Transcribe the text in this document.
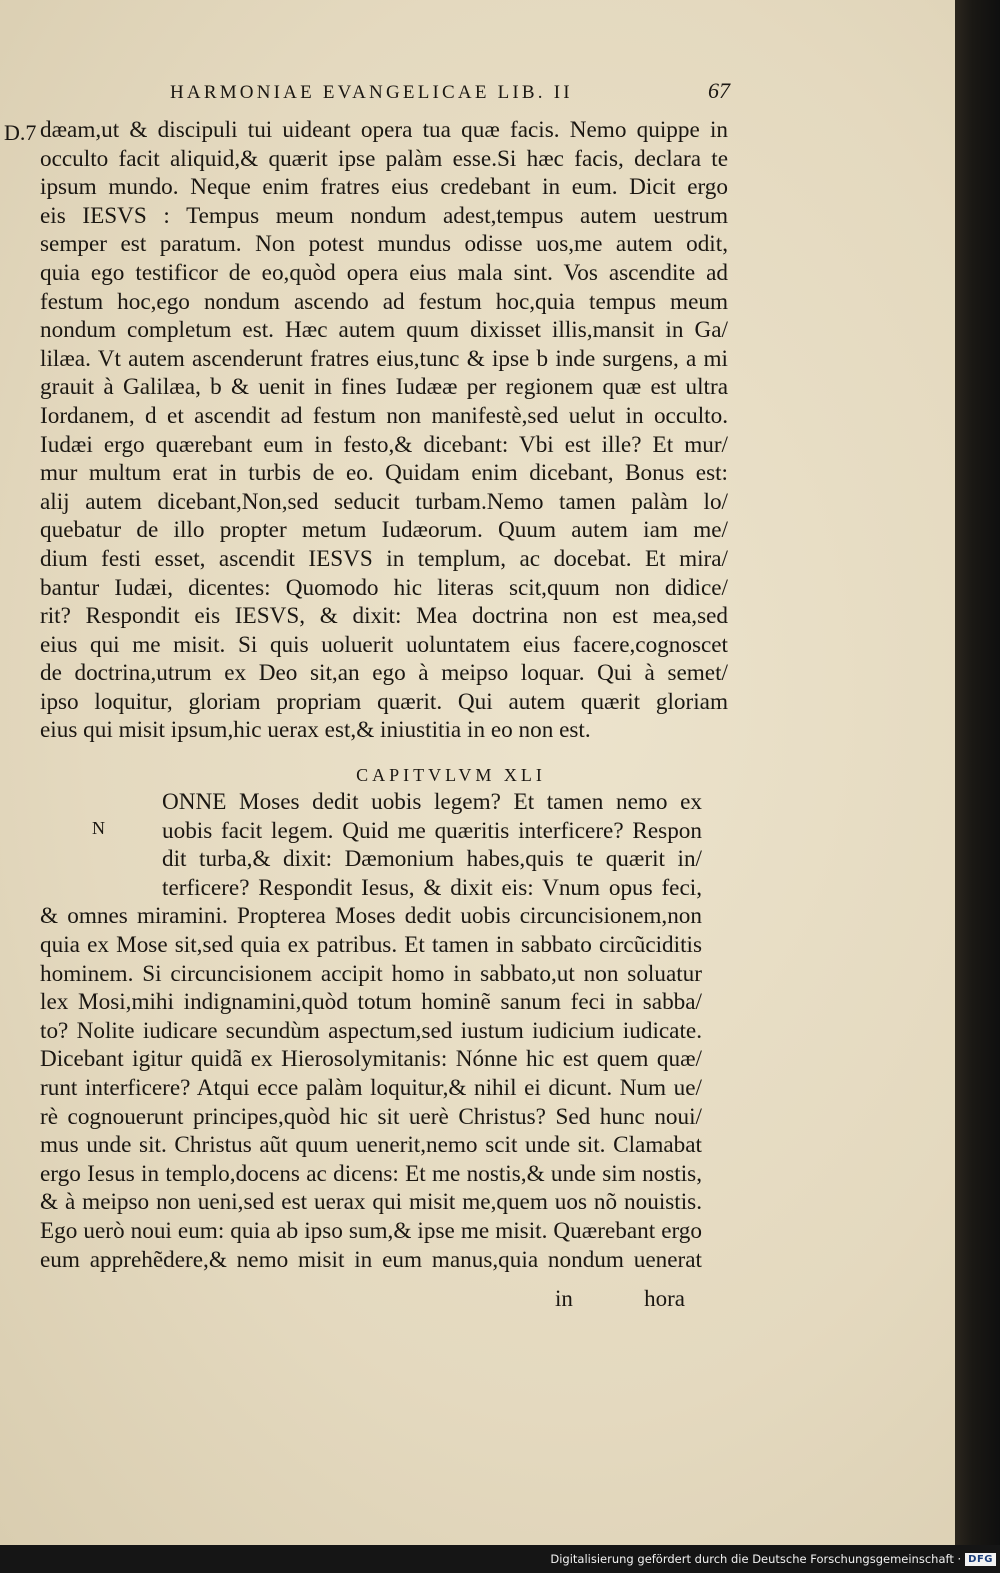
HARMONIAE EVANGELICAE LIB. II	67
D.7 dæam,ut & discipuli tui uideant opera tua quæ facis. Nemo quippe in
occulto facit aliquid,& quærit ipse palàm esse.Si hæc facis, declara te
ipsum mundo. Neque enim fratres eius credebant in eum. Dicit ergo
eis IESVS : Tempus meum nondum adest,tempus autem uestrum
semper est paratum. Non potest mundus odisse uos,me autem odit,
quia ego testificor de eo,quòd opera eius mala sint. Vos ascendite ad
festum hoc,ego nondum ascendo ad festum hoc,quia tempus meum
nondum completum est. Hæc autem quum dixisset illis,mansit in Ga/
lilæa. Vt autem ascenderunt fratres eius,tunc & ipse b inde surgens, a mi
grauit à Galilæa, b & uenit in fines Iudææ per regionem quæ est ultra
Iordanem, d et ascendit ad festum non manifestè,sed uelut in occulto.
Iudæi ergo quærebant eum in festo,& dicebant: Vbi est ille? Et mur/
mur multum erat in turbis de eo. Quidam enim dicebant, Bonus est:
alij autem dicebant,Non,sed seducit turbam.Nemo tamen palàm lo/
quebatur de illo propter metum Iudæorum. Quum autem iam me/
dium festi esset, ascendit IESVS in templum, ac docebat. Et mira/
bantur Iudæi, dicentes: Quomodo hic literas scit,quum non didice/
rit? Respondit eis IESVS, & dixit: Mea doctrina non est mea,sed
eius qui me misit. Si quis uoluerit uoluntatem eius facere,cognoscet
de doctrina,utrum ex Deo sit,an ego à meipso loquar. Qui à semet/
ipso loquitur, gloriam propriam quærit. Qui autem quærit gloriam
eius qui misit ipsum,hic uerax est,& iniustitia in eo non est.
CAPITVLVM XLI
N
ONNE Moses dedit uobis legem? Et tamen nemo ex
uobis facit legem. Quid me quæritis interficere? Respon
dit turba,& dixit: Dæmonium habes,quis te quærit in/
terficere? Respondit Iesus, & dixit eis: Vnum opus feci,
& omnes miramini. Propterea Moses dedit uobis circuncisionem,non
quia ex Mose sit,sed quia ex patribus. Et tamen in sabbato circũciditis
hominem. Si circuncisionem accipit homo in sabbato,ut non soluatur
lex Mosi,mihi indignamini,quòd totum hominẽ sanum feci in sabba/
to? Nolite iudicare secundùm aspectum,sed iustum iudicium iudicate.
Dicebant igitur quidã ex Hierosolymitanis: Nónne hic est quem quæ/
runt interficere? Atqui ecce palàm loquitur,& nihil ei dicunt. Num ue/
rè cognouerunt principes,quòd hic sit uerè Christus? Sed hunc noui/
mus unde sit. Christus aũt quum uenerit,nemo scit unde sit. Clamabat
ergo Iesus in templo,docens ac dicens: Et me nostis,& unde sim nostis,
& à meipso non ueni,sed est uerax qui misit me,quem uos nõ nouistis.
Ego uerò noui eum: quia ab ipso sum,& ipse me misit. Quærebant ergo
eum apprehẽdere,& nemo misit in eum manus,quia nondum uenerat
in	hora
Digitalisierung gefördert durch die Deutsche Forschungsgemeinschaft · DFG
